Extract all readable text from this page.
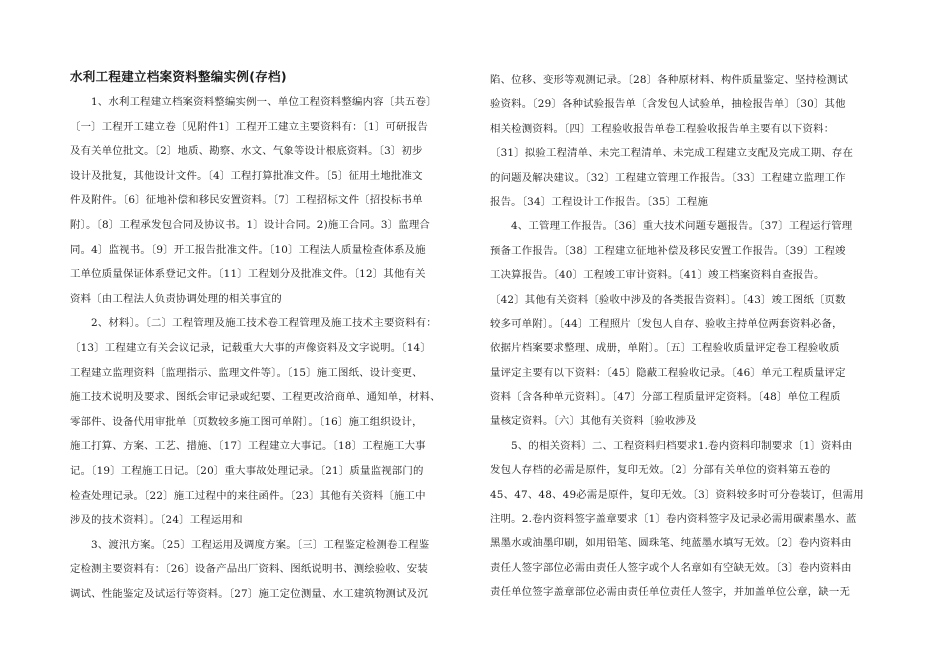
水利工程建立档案资料整编实例(存档)
1、水利工程建立档案资料整编实例一、单位工程资料整编内容〔共五卷〕
〔一〕工程开工建立卷〔见附件1〕工程开工建立主要资料有：〔1〕可研报告
及有关单位批文。〔2〕地质、勘察、水文、气象等设计根底资料。〔3〕初步
设计及批复，其他设计文件。〔4〕工程打算批准文件。〔5〕征用土地批准文
件及附件。〔6〕征地补偿和移民安置资料。〔7〕工程招标文件〔招投标书单
附〕。〔8〕工程承发包合同及协议书。1〕设计合同。2)施工合同。3〕监理合
同。4〕监视书。〔9〕开工报告批准文件。〔10〕工程法人质量检查体系及施
工单位质量保证体系登记文件。〔11〕工程划分及批准文件。〔12〕其他有关
资料〔由工程法人负责协调处理的相关事宜的
2、材料〕。〔二〕工程管理及施工技术卷工程管理及施工技术主要资料有：
〔13〕工程建立有关会议记录，记载重大大事的声像资料及文字说明。〔14〕
工程建立监理资料〔监理指示、监理文件等〕。〔15〕施工图纸、设计变更、
施工技术说明及要求、图纸会审记录或纪要、工程更改洽商单、通知单，材料、
零部件、设备代用审批单〔页数较多施工图可单附〕。〔16〕施工组织设计，
施工打算、方案、工艺、措施、〔17〕工程建立大事记。〔18〕工程施工大事
记。〔19〕工程施工日记。〔20〕重大事故处理记录。〔21〕质量监视部门的
检查处理记录。〔22〕施工过程中的来往函件。〔23〕其他有关资料〔施工中
涉及的技术资料〕。〔24〕工程运用和
3、渡汛方案。〔25〕工程运用及调度方案。〔三〕工程鉴定检测卷工程鉴
定检测主要资料有：〔26〕设备产品出厂资料、图纸说明书、测绘验收、安装
调试、性能鉴定及试运行等资料。〔27〕施工定位测量、水工建筑物测试及沉
陷、位移、变形等观测记录。〔28〕各种原材料、构件质量鉴定、坚持检测试
验资料。〔29〕各种试验报告单〔含发包人试验单，抽检报告单〕〔30〕其他
相关检测资料。〔四〕工程验收报告单卷工程验收报告单主要有以下资料：
〔31〕拟验工程清单、未完工程清单、未完成工程建立支配及完成工期、存在
的问题及解决建议。〔32〕工程建立管理工作报告。〔33〕工程建立监理工作
报告。〔34〕工程设计工作报告。〔35〕工程施
4、工管理工作报告。〔36〕重大技术问题专题报告。〔37〕工程运行管理
预备工作报告。〔38〕工程建立征地补偿及移民安置工作报告。〔39〕工程竣
工决算报告。〔40〕工程竣工审计资料。〔41〕竣工档案资料自查报告。
〔42〕其他有关资料〔验收中涉及的各类报告资料〕。〔43〕竣工图纸〔页数
较多可单附〕。〔44〕工程照片〔发包人自存、验收主持单位两套资料必备，
依据片档案要求整理、成册，单附〕。〔五〕工程验收质量评定卷工程验收质
量评定主要有以下资料：〔45〕隐蔽工程验收记录。〔46〕单元工程质量评定
资料〔含各种单元资料〕。〔47〕分部工程质量评定资料。〔48〕单位工程质
量核定资料。〔六〕其他有关资料〔验收涉及
5、的相关资料〕二、工程资料归档要求1.卷内资料印制要求〔1〕资料由
发包人存档的必需是原件，复印无效。〔2〕分部有关单位的资料第五卷的
45、47、48、49必需是原件，复印无效。〔3〕资料较多时可分卷装订，但需用
注明。2.卷内资料签字盖章要求〔1〕卷内资料签字及记录必需用碳素墨水、蓝
黑墨水或油墨印刷，如用铅笔、圆珠笔、纯蓝墨水填写无效。〔2〕卷内资料由
责任人签字部位必需由责任人签字或个人名章如有空缺无效。〔3〕卷内资料由
责任单位签字盖章部位必需由责任单位责任人签字，并加盖单位公章，缺一无
